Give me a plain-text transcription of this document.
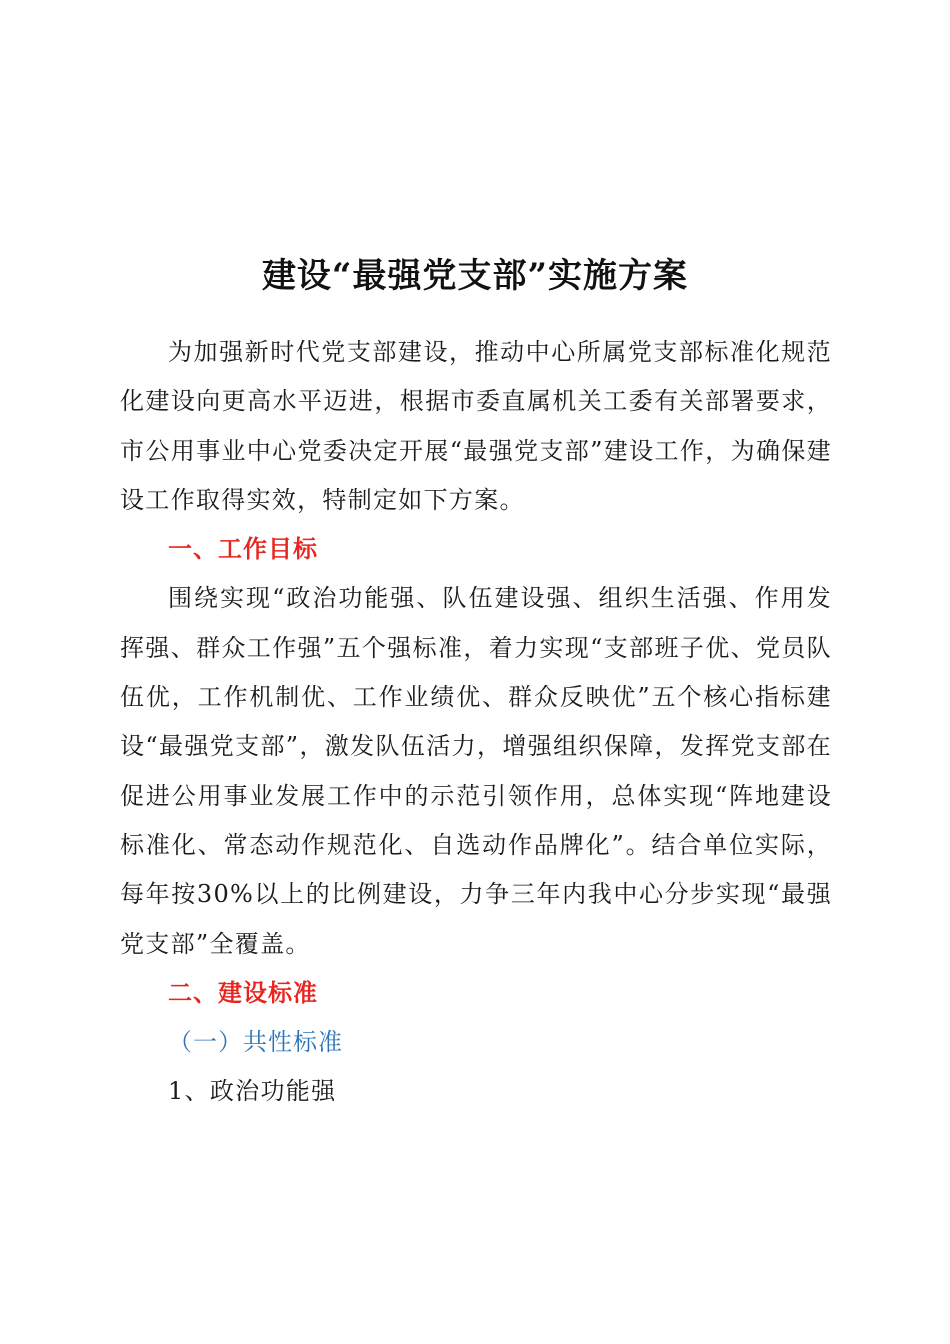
建设“最强党支部”实施方案

为加强新时代党支部建设，推动中心所属党支部标准化规范化建设向更高水平迈进，根据市委直属机关工委有关部署要求，市公用事业中心党委决定开展“最强党支部”建设工作，为确保建设工作取得实效，特制定如下方案。

一、工作目标

围绕实现“政治功能强、队伍建设强、组织生活强、作用发挥强、群众工作强”五个强标准，着力实现“支部班子优、党员队伍优，工作机制优、工作业绩优、群众反映优”五个核心指标建设“最强党支部”，激发队伍活力，增强组织保障，发挥党支部在促进公用事业发展工作中的示范引领作用，总体实现“阵地建设标准化、常态动作规范化、自选动作品牌化”。结合单位实际，每年按30%以上的比例建设，力争三年内我中心分步实现“最强党支部”全覆盖。

二、建设标准

（一）共性标准

1、政治功能强
